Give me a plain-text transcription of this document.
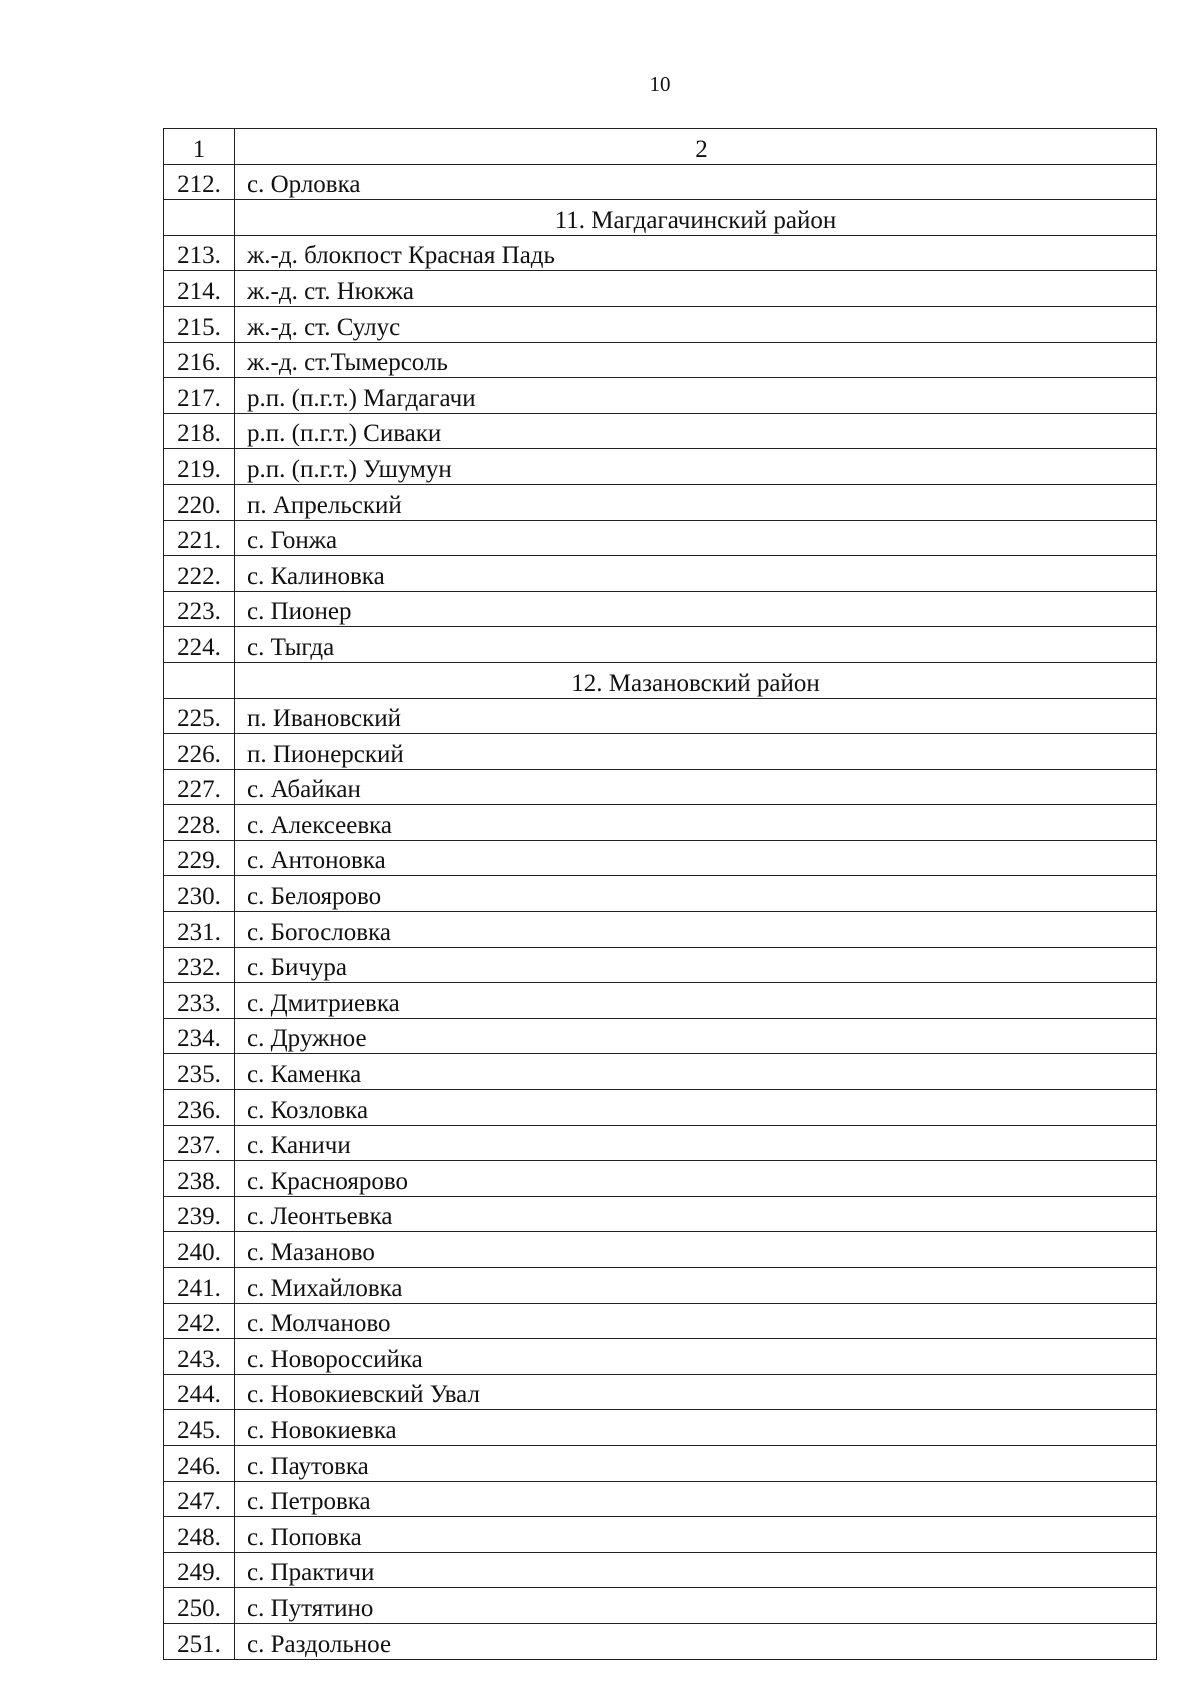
10
1	2
212.	с. Орловка
	11. Магдагачинский район
213.	ж.-д. блокпост Красная Падь
214.	ж.-д. ст. Нюкжа
215.	ж.-д. ст. Сулус
216.	ж.-д. ст.Тымерсоль
217.	р.п. (п.г.т.) Магдагачи
218.	р.п. (п.г.т.) Сиваки
219.	р.п. (п.г.т.) Ушумун
220.	п. Апрельский
221.	с. Гонжа
222.	с. Калиновка
223.	с. Пионер
224.	с. Тыгда
	12. Мазановский район
225.	п. Ивановский
226.	п. Пионерский
227.	с. Абайкан
228.	с. Алексеевка
229.	с. Антоновка
230.	с. Белоярово
231.	с. Богословка
232.	с. Бичура
233.	с. Дмитриевка
234.	с. Дружное
235.	с. Каменка
236.	с. Козловка
237.	с. Каничи
238.	с. Красноярово
239.	с. Леонтьевка
240.	с. Мазаново
241.	с. Михайловка
242.	с. Молчаново
243.	с. Новороссийка
244.	с. Новокиевский Увал
245.	с. Новокиевка
246.	с. Паутовка
247.	с. Петровка
248.	с. Поповка
249.	с. Практичи
250.	с. Путятино
251.	с. Раздольное
